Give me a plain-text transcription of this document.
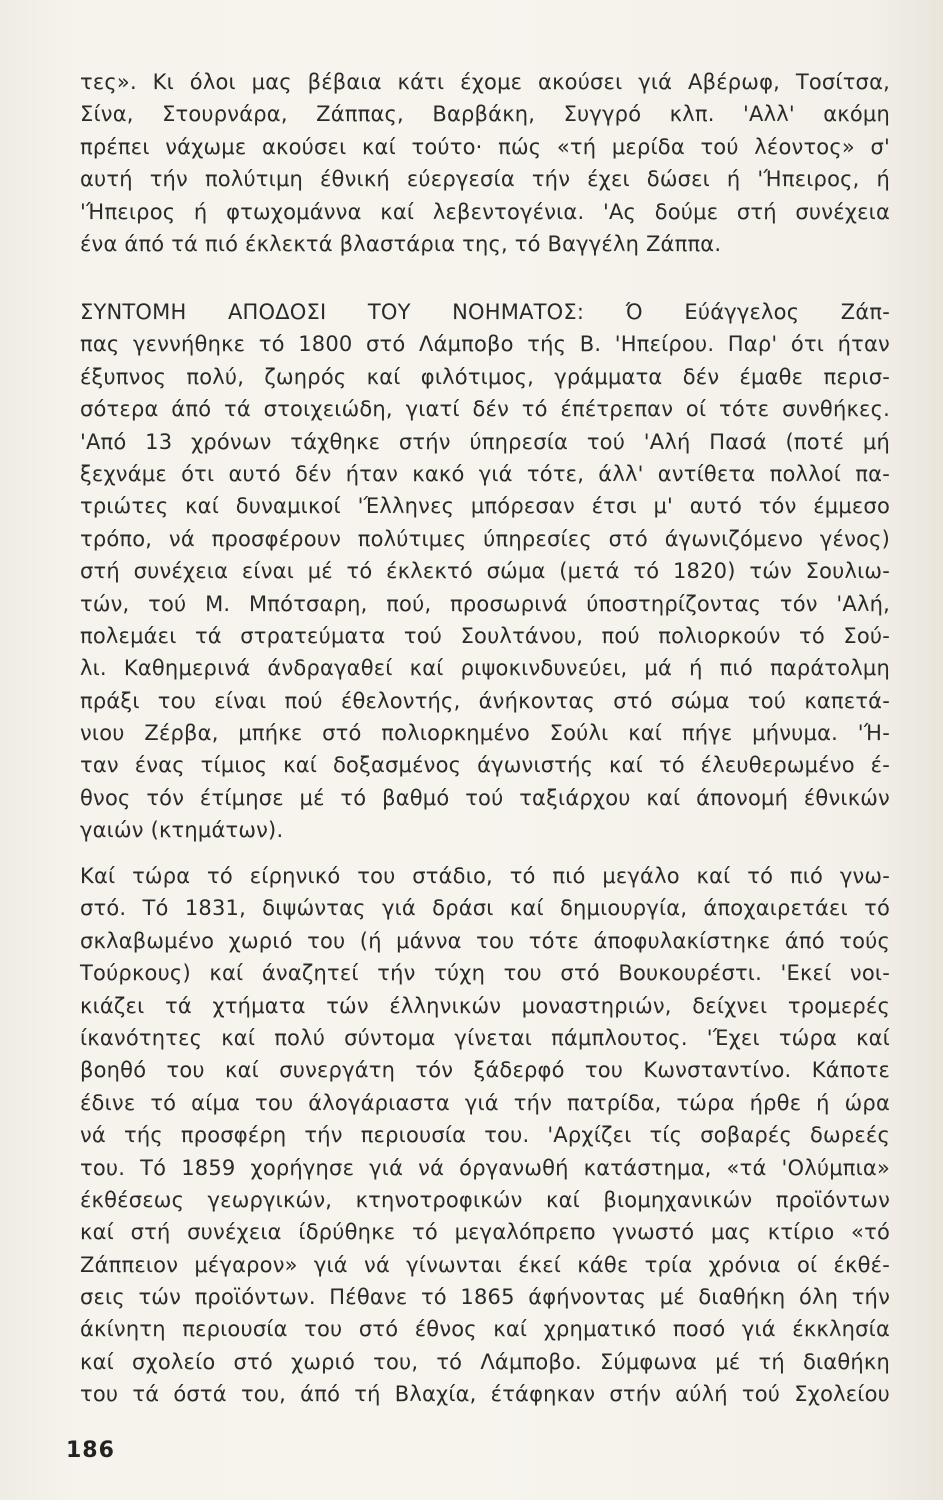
τες». Κι όλοι μας βέβαια κάτι έχομε ακούσει γιά Αβέρωφ, Τοσίτσα,
Σίνα, Στουρνάρα, Ζάππας, Βαρβάκη, Συγγρό κλπ. 'Αλλ' ακόμη
πρέπει νάχωμε ακούσει καί τούτο· πώς «τή μερίδα τού λέοντος» σ'
αυτή τήν πολύτιμη έθνική εύεργεσία τήν έχει δώσει ή 'Ήπειρος, ή
'Ήπειρος ή φτωχομάννα καί λεβεντογένια. 'Ας δούμε στή συνέχεια
ένα άπό τά πιό έκλεκτά βλαστάρια της, τό Βαγγέλη Ζάππα.
ΣΥΝΤΟΜΗ ΑΠΟΔΟΣΙ ΤΟΥ ΝΟΗΜΑΤΟΣ: Ό Εύάγγελος Ζάπ-
πας γεννήθηκε τό 1800 στό Λάμποβο τής Β. 'Ηπείρου. Παρ' ότι ήταν
έξυπνος πολύ, ζωηρός καί φιλότιμος, γράμματα δέν έμαθε περισ-
σότερα άπό τά στοιχειώδη, γιατί δέν τό έπέτρεπαν οί τότε συνθήκες.
'Από 13 χρόνων τάχθηκε στήν ύπηρεσία τού 'Αλή Πασά (ποτέ μή
ξεχνάμε ότι αυτό δέν ήταν κακό γιά τότε, άλλ' αντίθετα πολλοί πα-
τριώτες καί δυναμικοί 'Έλληνες μπόρεσαν έτσι μ' αυτό τόν έμμεσο
τρόπο, νά προσφέρουν πολύτιμες ύπηρεσίες στό άγωνιζόμενο γένος)
στή συνέχεια είναι μέ τό έκλεκτό σώμα (μετά τό 1820) τών Σουλιω-
τών, τού Μ. Μπότσαρη, πού, προσωρινά ύποστηρίζοντας τόν 'Αλή,
πολεμάει τά στρατεύματα τού Σουλτάνου, πού πολιορκούν τό Σού-
λι. Καθημερινά άνδραγαθεί καί ριψοκινδυνεύει, μά ή πιό παράτολμη
πράξι του είναι πού έθελοντής, άνήκοντας στό σώμα τού καπετά-
νιου Ζέρβα, μπήκε στό πολιορκημένο Σούλι καί πήγε μήνυμα. 'Ή-
ταν ένας τίμιος καί δοξασμένος άγωνιστής καί τό έλευθερωμένο έ-
θνος τόν έτίμησε μέ τό βαθμό τού ταξιάρχου καί άπονομή έθνικών
γαιών (κτημάτων).
Καί τώρα τό είρηνικό του στάδιο, τό πιό μεγάλο καί τό πιό γνω-
στό. Τό 1831, διψώντας γιά δράσι καί δημιουργία, άποχαιρετάει τό
σκλαβωμένο χωριό του (ή μάννα του τότε άποφυλακίστηκε άπό τούς
Τούρκους) καί άναζητεί τήν τύχη του στό Βουκουρέστι. 'Εκεί νοι-
κιάζει τά χτήματα τών έλληνικών μοναστηριών, δείχνει τρομερές
ίκανότητες καί πολύ σύντομα γίνεται πάμπλουτος. 'Έχει τώρα καί
βοηθό του καί συνεργάτη τόν ξάδερφό του Κωνσταντίνο. Κάποτε
έδινε τό αίμα του άλογάριαστα γιά τήν πατρίδα, τώρα ήρθε ή ώρα
νά τής προσφέρη τήν περιουσία του. 'Αρχίζει τίς σοβαρές δωρεές
του. Τό 1859 χορήγησε γιά νά όργανωθή κατάστημα, «τά 'Ολύμπια»
έκθέσεως γεωργικών, κτηνοτροφικών καί βιομηχανικών προϊόντων
καί στή συνέχεια ίδρύθηκε τό μεγαλόπρεπο γνωστό μας κτίριο «τό
Ζάππειον μέγαρον» γιά νά γίνωνται έκεί κάθε τρία χρόνια οί έκθέ-
σεις τών προϊόντων. Πέθανε τό 1865 άφήνοντας μέ διαθήκη όλη τήν
άκίνητη περιουσία του στό έθνος καί χρηματικό ποσό γιά έκκλησία
καί σχολείο στό χωριό του, τό Λάμποβο. Σύμφωνα μέ τή διαθήκη
του τά όστά του, άπό τή Βλαχία, έτάφηκαν στήν αύλή τού Σχολείου
186
